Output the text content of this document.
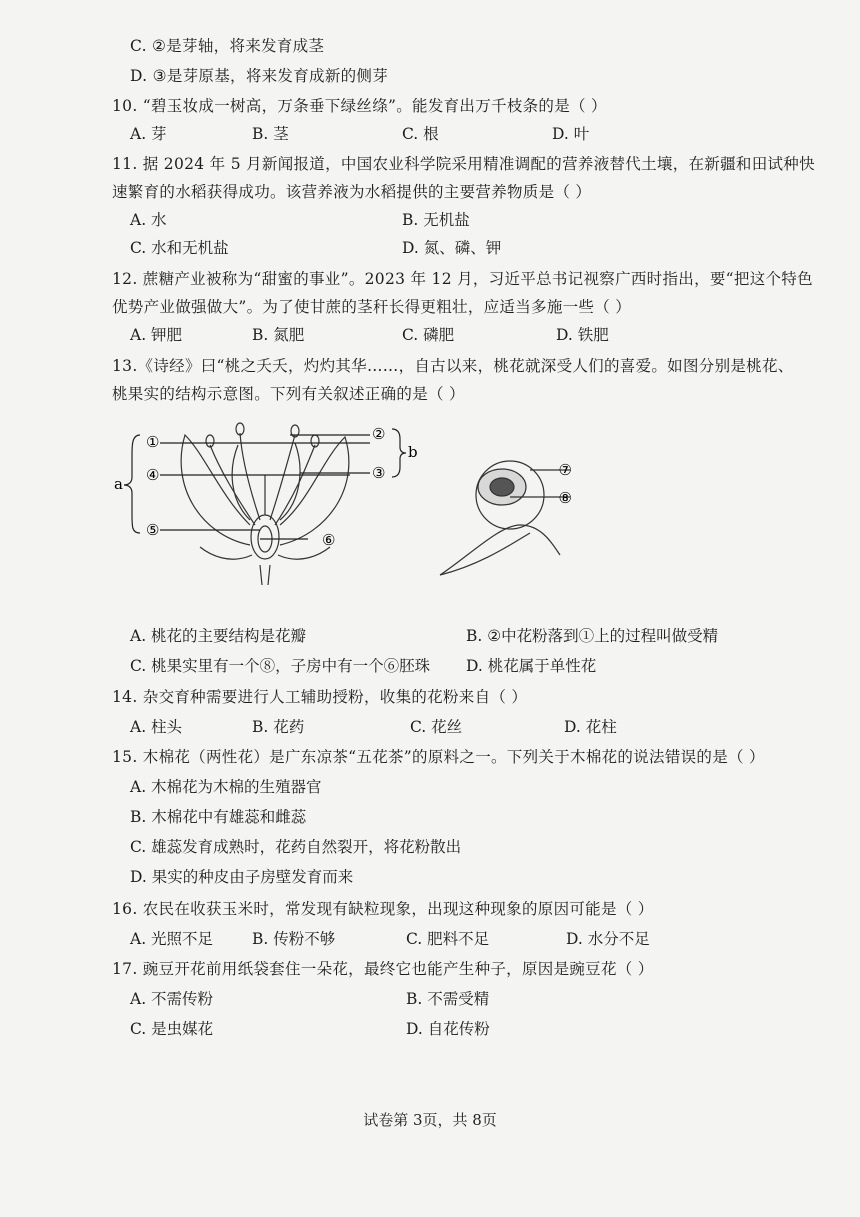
C. ②是芽轴，将来发育成茎
D. ③是芽原基，将来发育成新的侧芽
10. “碧玉妆成一树高，万条垂下绿丝绦”。能发育出万千枝条的是（ ）
A. 芽	B. 茎	C. 根	D. 叶
11. 据 2024 年 5 月新闻报道，中国农业科学院采用精准调配的营养液替代土壤，在新疆和田试种快
速繁育的水稻获得成功。该营养液为水稻提供的主要营养物质是（ ）
A. 水	B. 无机盐
C. 水和无机盐	D. 氮、磷、钾
12. 蔗糖产业被称为“甜蜜的事业”。2023 年 12 月，习近平总书记视察广西时指出，要“把这个特色
优势产业做强做大”。为了使甘蔗的茎秆长得更粗壮，应适当多施一些（ ）
A. 钾肥	B. 氮肥	C. 磷肥	D. 铁肥
13.《诗经》曰“桃之夭夭，灼灼其华……，自古以来，桃花就深受人们的喜爱。如图分别是桃花、
桃果实的结构示意图。下列有关叙述正确的是（ ）
①
④
⑤
②
③
⑥
a
b
⑦
⑧
A. 桃花的主要结构是花瓣	B. ②中花粉落到①上的过程叫做受精
C. 桃果实里有一个⑧，子房中有一个⑥胚珠 D. 桃花属于单性花
14. 杂交育种需要进行人工辅助授粉，收集的花粉来自（ ）
A. 柱头	B. 花药	C. 花丝	D. 花柱
15. 木棉花（两性花）是广东凉茶“五花茶”的原料之一。下列关于木棉花的说法错误的是（ ）
A. 木棉花为木棉的生殖器官
B. 木棉花中有雄蕊和雌蕊
C. 雄蕊发育成熟时，花药自然裂开，将花粉散出
D. 果实的种皮由子房壁发育而来
16. 农民在收获玉米时，常发现有缺粒现象，出现这种现象的原因可能是（ ）
A. 光照不足	B. 传粉不够	C. 肥料不足	D. 水分不足
17. 豌豆开花前用纸袋套住一朵花，最终它也能产生种子，原因是豌豆花（ ）
A. 不需传粉	B. 不需受精
C. 是虫媒花	D. 自花传粉
试卷第 3页，共 8页
